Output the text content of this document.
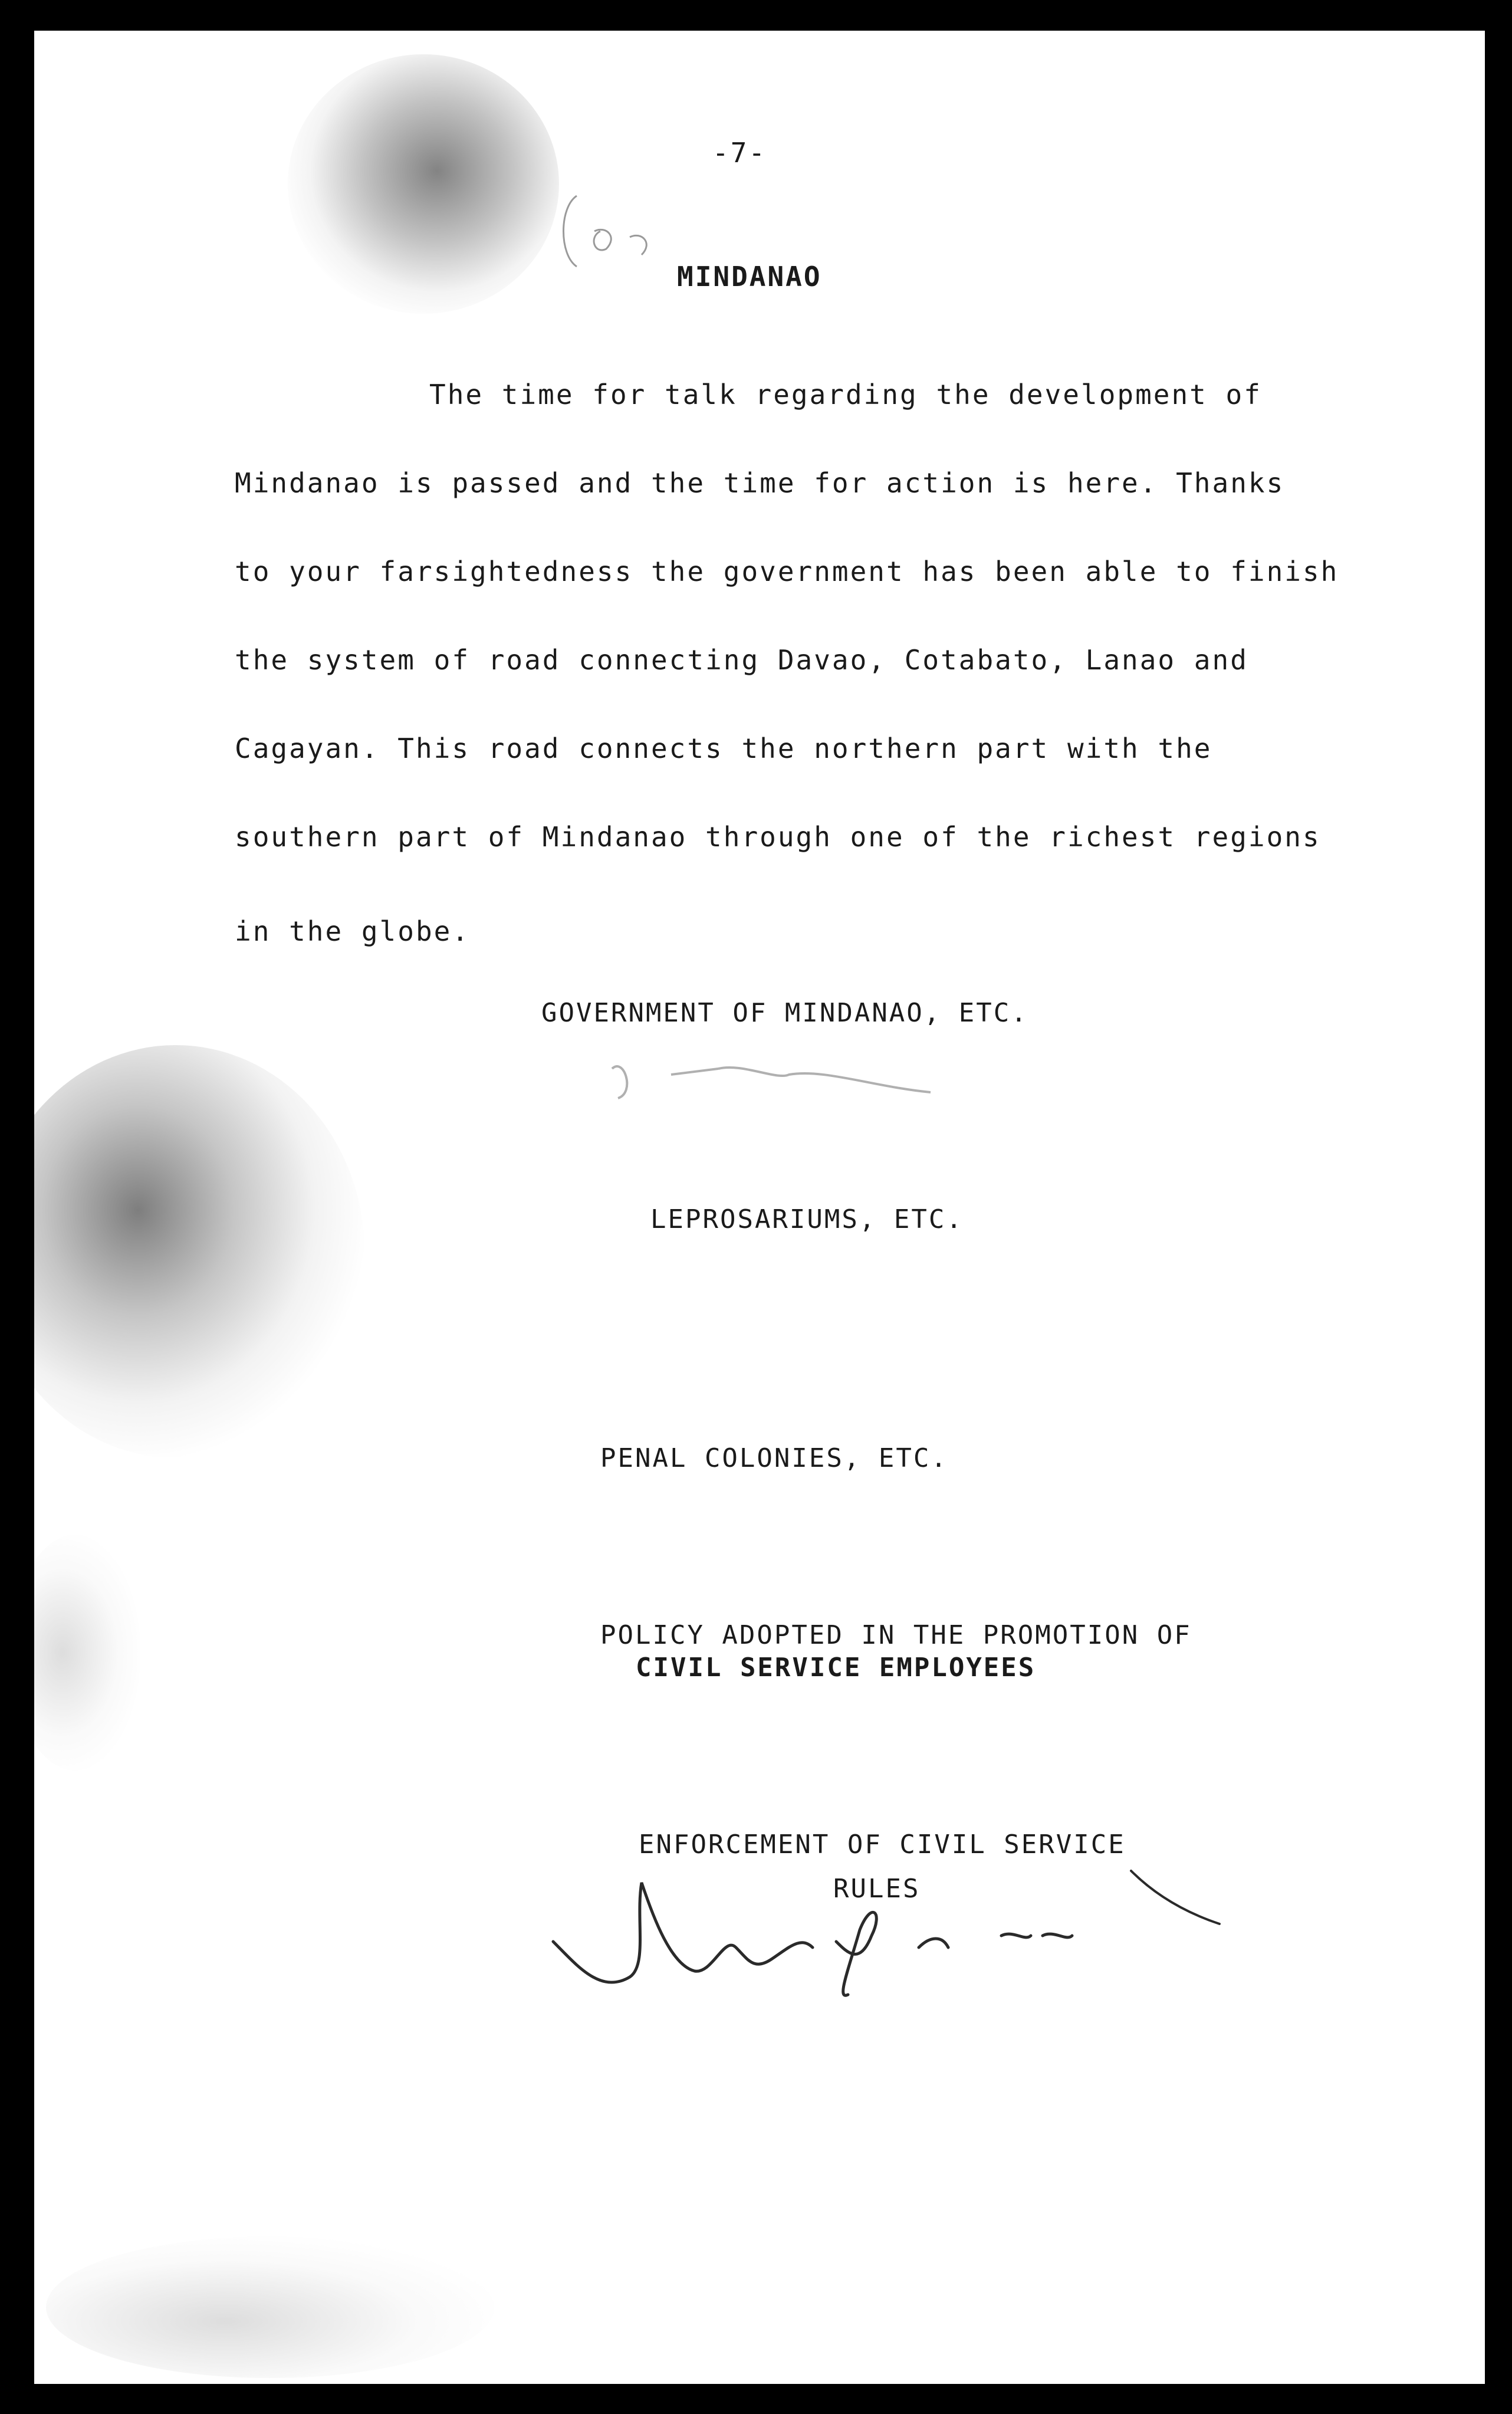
-7-

MINDANAO

The time for talk regarding the development of

Mindanao is passed and the time for action is here. Thanks

to your farsightedness the government has been able to finish

the system of road connecting Davao, Cotabato, Lanao and

Cagayan. This road connects the northern part with the

southern part of Mindanao through one of the richest regions

in the globe.

GOVERNMENT OF MINDANAO, ETC.

LEPROSARIUMS, ETC.

PENAL COLONIES, ETC.

POLICY ADOPTED IN THE PROMOTION OF

CIVIL SERVICE EMPLOYEES

ENFORCEMENT OF CIVIL SERVICE

RULES
